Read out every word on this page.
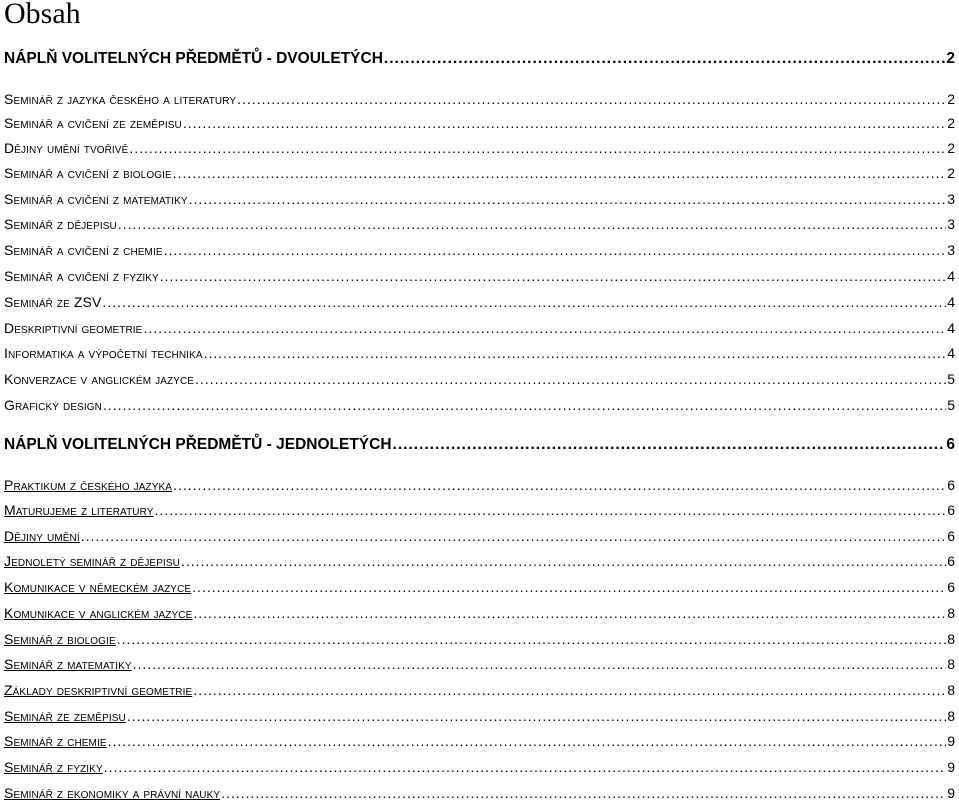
Obsah
NÁPLŇ VOLITELNÝCH PŘEDMĚTŮ - DVOULETÝCH .....	2
Seminář z jazyka českého a literatury .....	2
Seminář a cvičení ze zeměpisu .....	2
Dějiny umění tvořivě .....	2
Seminář a cvičení z biologie .....	2
Seminář a cvičení z matematiky .....	3
Seminář z dějepisu .....	3
Seminář a cvičení z chemie .....	3
Seminář a cvičení z fyziky .....	4
Seminář ze ZSV .....	4
Deskriptivní geometrie .....	4
Informatika a výpočetní technika .....	4
Konverzace v anglickém jazyce .....	5
Grafický design .....	5
NÁPLŇ VOLITELNÝCH PŘEDMĚTŮ - JEDNOLETÝCH .....	6
Praktikum z českého jazyka .....	6
Maturujeme z literatury .....	6
Dějiny umění .....	6
Jednoletý seminář z dějepisu .....	6
Komunikace v německém jazyce .....	6
Komunikace v anglickém jazyce .....	8
Seminář z biologie .....	8
Seminář z matematiky .....	8
Základy deskriptivní geometrie .....	8
Seminář ze zeměpisu .....	8
Seminář z chemie .....	9
Seminář z fyziky .....	9
Seminář z ekonomiky a právní nauky .....	9
